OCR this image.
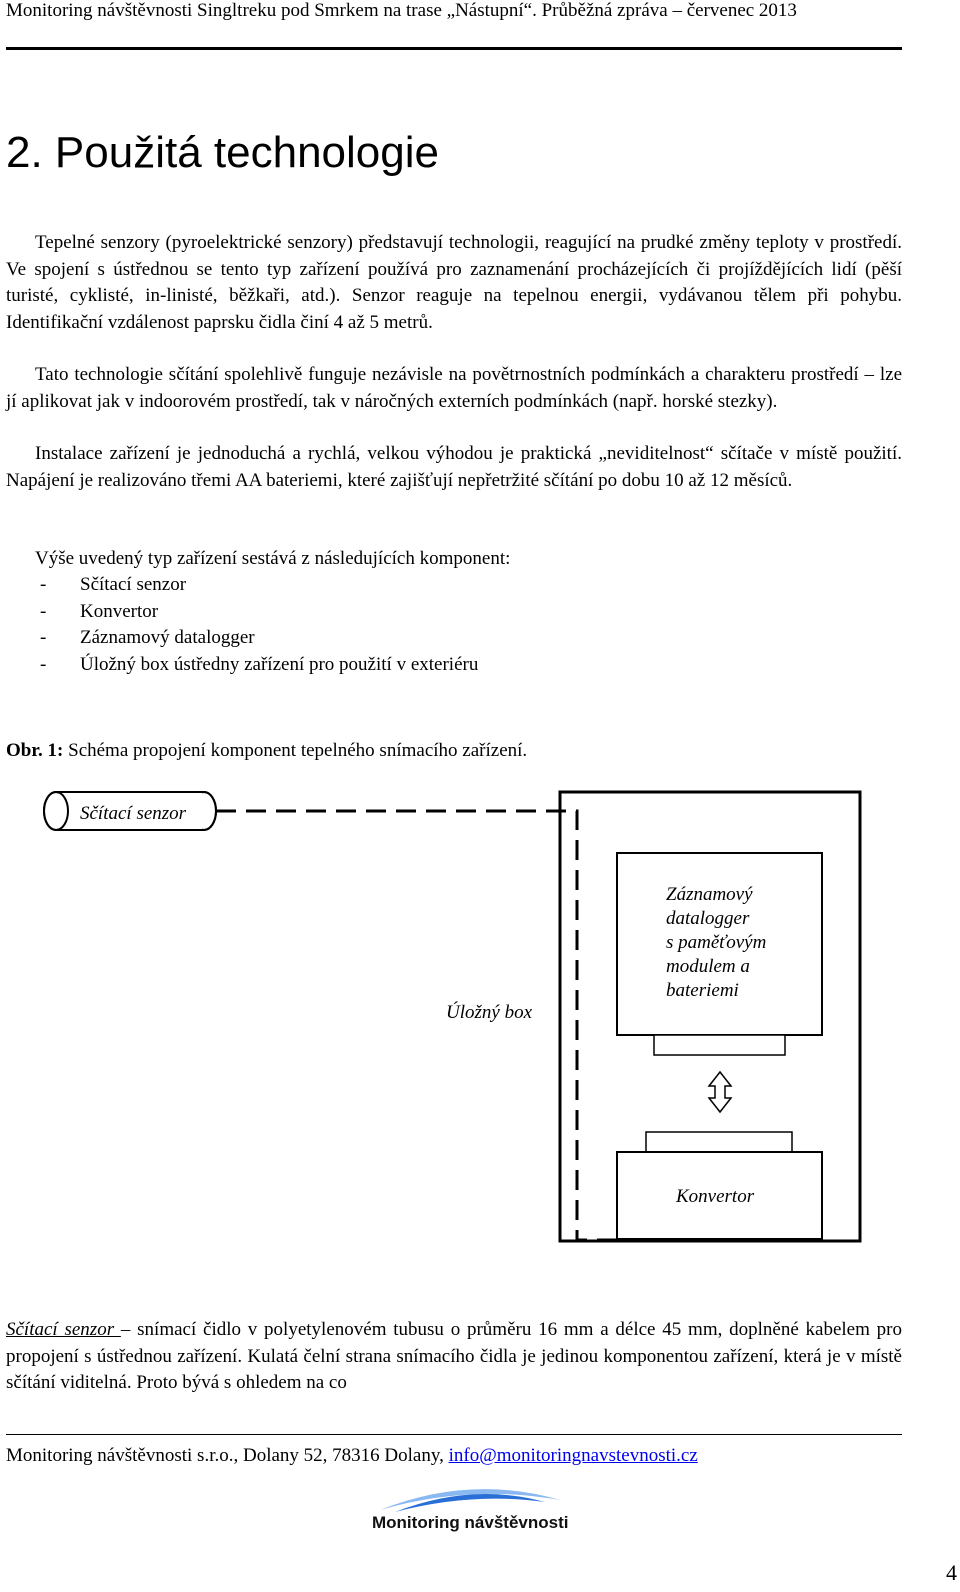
Monitoring návštěvnosti Singltreku pod Smrkem na trase „Nástupní“. Průběžná zpráva – červenec 2013
2. Použitá technologie
Tepelné senzory (pyroelektrické senzory) představují technologii, reagující na prudké změny teploty v prostředí. Ve spojení s ústřednou se tento typ zařízení používá pro zaznamenání procházejících či projíždějících lidí (pěší turisté, cyklisté, in-linisté, běžkaři, atd.). Senzor reaguje na tepelnou energii, vydávanou tělem při pohybu. Identifikační vzdálenost paprsku čidla činí 4 až 5 metrů.
Tato technologie sčítání spolehlivě funguje nezávisle na povětrnostních podmínkách a charakteru prostředí – lze jí aplikovat jak v indoorovém prostředí, tak v náročných externích podmínkách (např. horské stezky).
Instalace zařízení je jednoduchá a rychlá, velkou výhodou je praktická „neviditelnost“ sčítače v místě použití. Napájení je realizováno třemi AA bateriemi, které zajišťují nepřetržité sčítání po dobu 10 až 12 měsíců.
Výše uvedený typ zařízení sestává z následujících komponent:
- Sčítací senzor
- Konvertor
- Záznamový datalogger
- Úložný box ústředny zařízení pro použití v exteriéru
Obr. 1: Schéma propojení komponent tepelného snímacího zařízení.
Sčítací senzor
Úložný box
Záznamový
datalogger
s paměťovým
modulem a
bateriemi
Konvertor
Sčítací senzor – snímací čidlo v polyetylenovém tubusu o průměru 16 mm a délce 45 mm, doplněné kabelem pro propojení s ústřednou zařízení. Kulatá čelní strana snímacího čidla je jedinou komponentou zařízení, která je v místě sčítání viditelná. Proto bývá s ohledem na co
Monitoring návštěvnosti s.r.o., Dolany 52, 78316 Dolany, info@monitoringnavstevnosti.cz
Monitoring návštěvnosti
4
